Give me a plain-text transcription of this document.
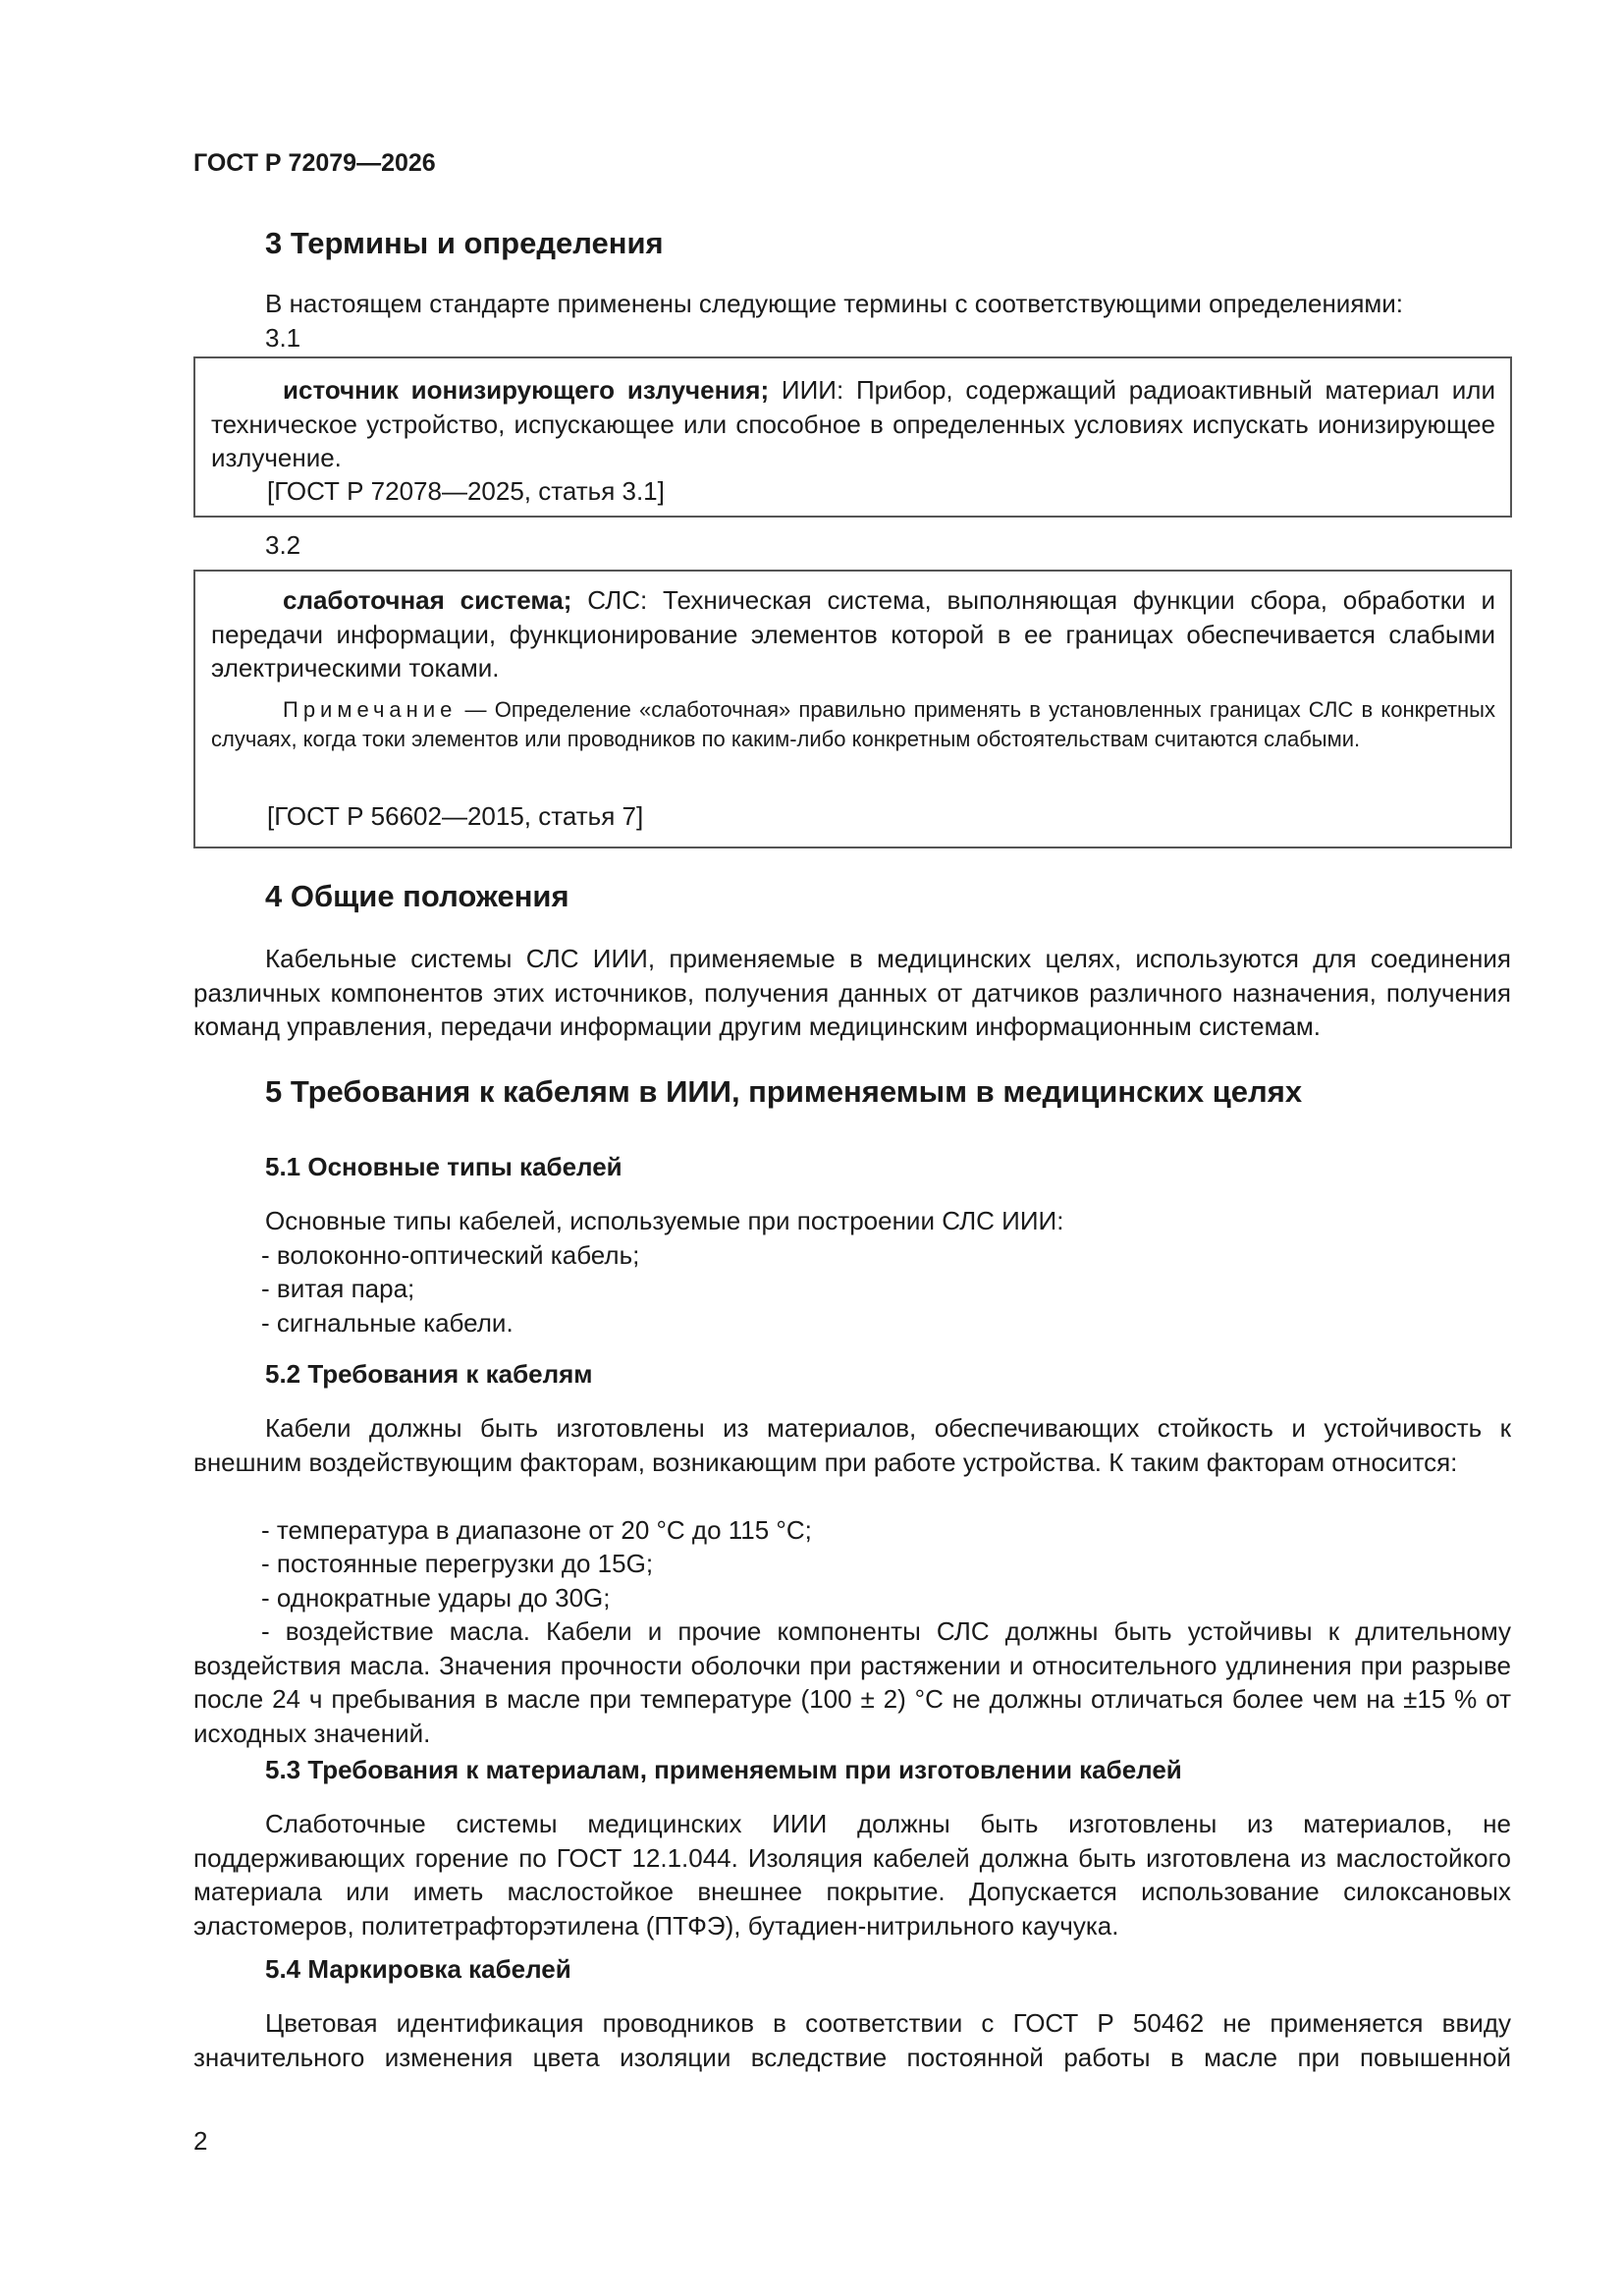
ГОСТ Р 72079—2026
3 Термины и определения
В настоящем стандарте применены следующие термины с соответствующими определениями:
3.1
источник ионизирующего излучения; ИИИ: Прибор, содержащий радиоактивный материал или техническое устройство, испускающее или способное в определенных условиях испускать ионизирующее излучение.
[ГОСТ Р 72078—2025, статья 3.1]
3.2
слаботочная система; СЛС: Техническая система, выполняющая функции сбора, обработки и передачи информации, функционирование элементов которой в ее границах обеспечивается слабыми электрическими токами.
Примечание — Определение «слаботочная» правильно применять в установленных границах СЛС в конкретных случаях, когда токи элементов или проводников по каким-либо конкретным обстоятельствам считаются слабыми.
[ГОСТ Р 56602—2015, статья 7]
4 Общие положения
Кабельные системы СЛС ИИИ, применяемые в медицинских целях, используются для соединения различных компонентов этих источников, получения данных от датчиков различного назначения, получения команд управления, передачи информации другим медицинским информационным системам.
5 Требования к кабелям в ИИИ, применяемым в медицинских целях
5.1 Основные типы кабелей
Основные типы кабелей, используемые при построении СЛС ИИИ:
- волоконно-оптический кабель;
- витая пара;
- сигнальные кабели.
5.2 Требования к кабелям
Кабели должны быть изготовлены из материалов, обеспечивающих стойкость и устойчивость к внешним воздействующим факторам, возникающим при работе устройства. К таким факторам относится:
- температура в диапазоне от 20 °С до 115 °С;
- постоянные перегрузки до 15G;
- однократные удары до 30G;
- воздействие масла. Кабели и прочие компоненты СЛС должны быть устойчивы к длительному воздействия масла. Значения прочности оболочки при растяжении и относительного удлинения при разрыве после 24 ч пребывания в масле при температуре (100 ± 2) °С не должны отличаться более чем на ±15 % от исходных значений.
5.3 Требования к материалам, применяемым при изготовлении кабелей
Слаботочные системы медицинских ИИИ должны быть изготовлены из материалов, не поддерживающих горение по ГОСТ 12.1.044. Изоляция кабелей должна быть изготовлена из маслостойкого материала или иметь маслостойкое внешнее покрытие. Допускается использование силоксановых эластомеров, политетрафторэтилена (ПТФЭ), бутадиен-нитрильного каучука.
5.4 Маркировка кабелей
Цветовая идентификация проводников в соответствии с ГОСТ Р 50462 не применяется ввиду значительного изменения цвета изоляции вследствие постоянной работы в масле при повышенной
2
